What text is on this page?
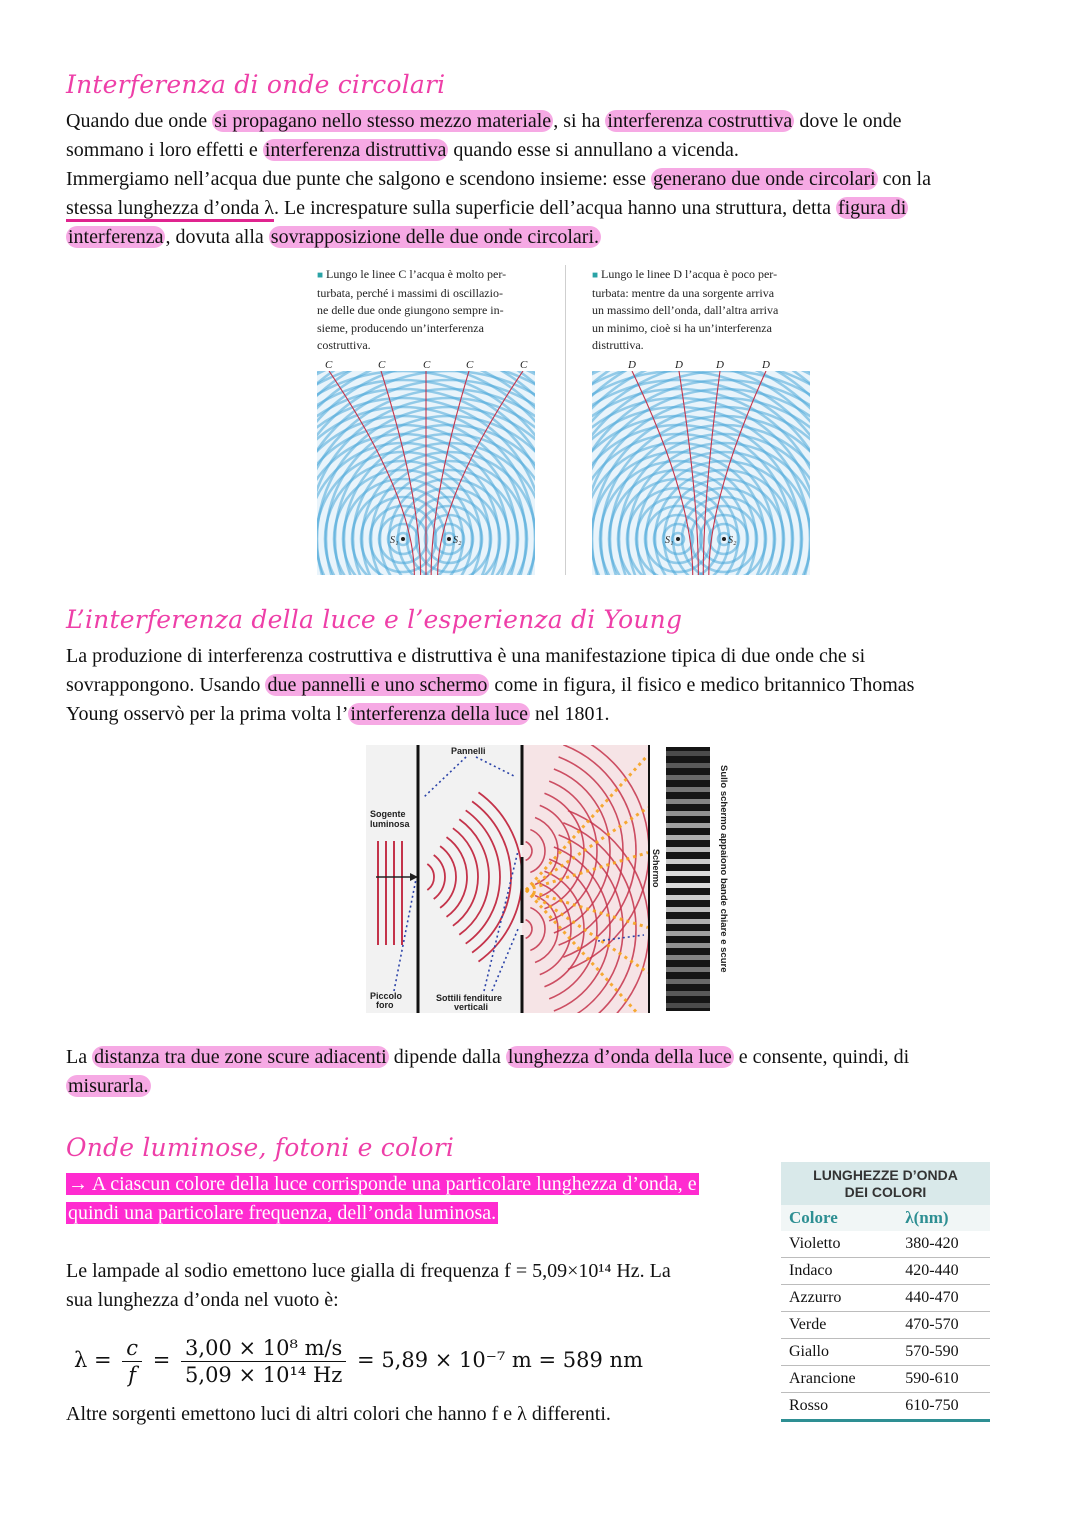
Interferenza di onde circolari
Quando due onde si propagano nello stesso mezzo materiale , si ha interferenza costruttiva dove le onde
sommano i loro effetti e interferenza distruttiva quando esse si annullano a vicenda.
Immergiamo nell’acqua due punte che salgono e scendono insieme: esse generano due onde circolari con la
stessa lunghezza d’onda λ. Le increspature sulla superficie dell’acqua hanno una struttura, detta figura di
interferenza , dovuta alla sovrapposizione delle due onde circolari.
■ Lungo le linee C l’acqua è molto per-
turbata, perché i massimi di oscillazio-
ne delle due onde giungono sempre in-
sieme, producendo un’interferenza
costruttiva.
■ Lungo le linee D l’acqua è poco per-
turbata: mentre da una sorgente arriva
un massimo dell’onda, dall’altra arriva
un minimo, cioè si ha un’interferenza
distruttiva.
C	C	C	C	C
S₁	S₂
D	D	D	D
S₁	S₂
L’interferenza della luce e l’esperienza di Young
La produzione di interferenza costruttiva e distruttiva è una manifestazione tipica di due onde che si
sovrappongono. Usando due pannelli e uno schermo come in figura, il fisico e medico britannico Thomas
Young osservò per la prima volta l’ interferenza della luce nel 1801.
Pannelli
Sogente
luminosa
Piccolo
foro
Sottili fenditure
verticali
Schermo	Sullo schermo appaiono bande chiare e scure
La distanza tra due zone scure adiacenti dipende dalla lunghezza d’onda della luce e consente, quindi, di
misurarla.
Onde luminose, fotoni e colori
→ A ciascun colore della luce corrisponde una particolare lunghezza d’onda, e
quindi una particolare frequenza, dell’onda luminosa.
Le lampade al sodio emettono luce gialla di frequenza f = 5,09×10¹⁴ Hz. La
sua lunghezza d’onda nel vuoto è:
$\lambda = \frac{c}{f} = \frac{\text{3,00 × 10⁸ m/s}}{\text{5,09 × 10¹⁴ Hz}} = 5,89 \times 10^{-7}$ m = 589 nm
Altre sorgenti emettono luci di altri colori che hanno f e λ differenti.
LUNGHEZZE D’ONDA
DEI COLORI
Colore	λ(nm)
Violetto	380-420
Indaco	420-440
Azzurro	440-470
Verde	470-570
Giallo	570-590
Arancione	590-610
Rosso	610-750
